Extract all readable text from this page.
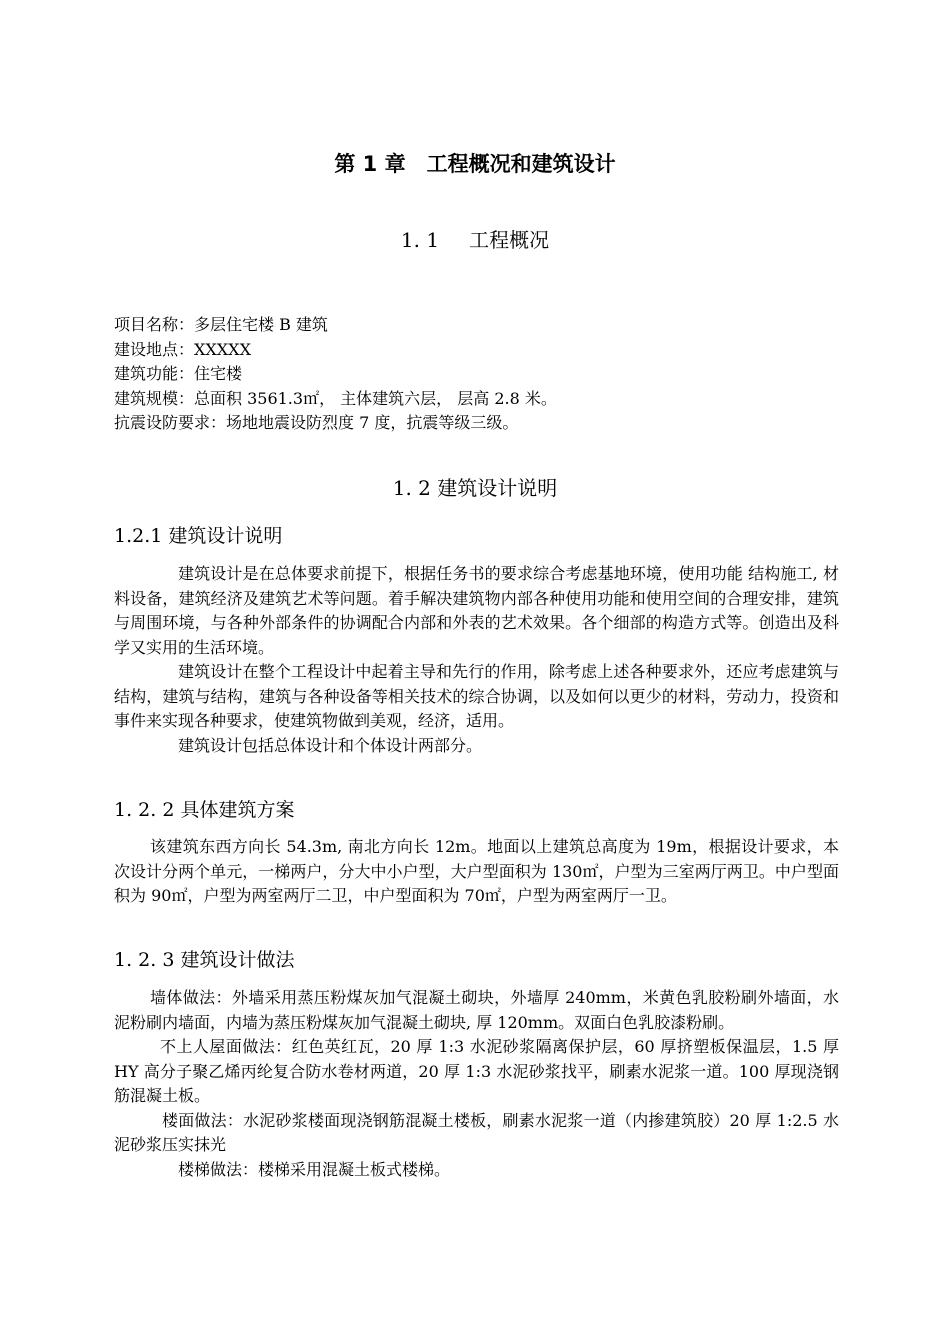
第 1 章　工程概况和建筑设计
1. 1 工程概况
项目名称：多层住宅楼 B 建筑
建设地点：XXXXX
建筑功能：住宅楼
建筑规模：总面积 3561.3㎡， 主体建筑六层， 层高 2.8 米。
抗震设防要求：场地地震设防烈度 7 度，抗震等级三级。
1. 2 建筑设计说明
1.2.1 建筑设计说明

建筑设计是在总体要求前提下，根据任务书的要求综合考虑基地环境，使用功能 结构施工, 材料设备，建筑经济及建筑艺术等问题。着手解决建筑物内部各种使用功能和使用空间的合理安排，建筑与周围环境，与各种外部条件的协调配合内部和外表的艺术效果。各个细部的构造方式等。创造出及科学又实用的生活环境。

建筑设计在整个工程设计中起着主导和先行的作用，除考虑上述各种要求外，还应考虑建筑与结构，建筑与结构，建筑与各种设备等相关技术的综合协调，以及如何以更少的材料，劳动力，投资和事件来实现各种要求，使建筑物做到美观，经济，适用。

建筑设计包括总体设计和个体设计两部分。

1. 2. 2 具体建筑方案

该建筑东西方向长 54.3m, 南北方向长 12m。地面以上建筑总高度为 19m，根据设计要求，本次设计分两个单元，一梯两户，分大中小户型，大户型面积为 130㎡，户型为三室两厅两卫。中户型面积为 90㎡，户型为两室两厅二卫，中户型面积为 70㎡，户型为两室两厅一卫。

1. 2. 3 建筑设计做法

墙体做法：外墙采用蒸压粉煤灰加气混凝土砌块，外墙厚 240mm，米黄色乳胶粉刷外墙面，水泥粉刷内墙面，内墙为蒸压粉煤灰加气混凝土砌块, 厚 120mm。双面白色乳胶漆粉刷。

不上人屋面做法：红色英红瓦，20 厚 1:3 水泥砂浆隔离保护层，60 厚挤塑板保温层，1.5 厚 HY 高分子聚乙烯丙纶复合防水卷材两道，20 厚 1:3 水泥砂浆找平，刷素水泥浆一道。100 厚现浇钢筋混凝土板。

楼面做法：水泥砂浆楼面现浇钢筋混凝土楼板，刷素水泥浆一道（内掺建筑胶）20 厚 1:2.5 水泥砂浆压实抹光

楼梯做法：楼梯采用混凝土板式楼梯。
